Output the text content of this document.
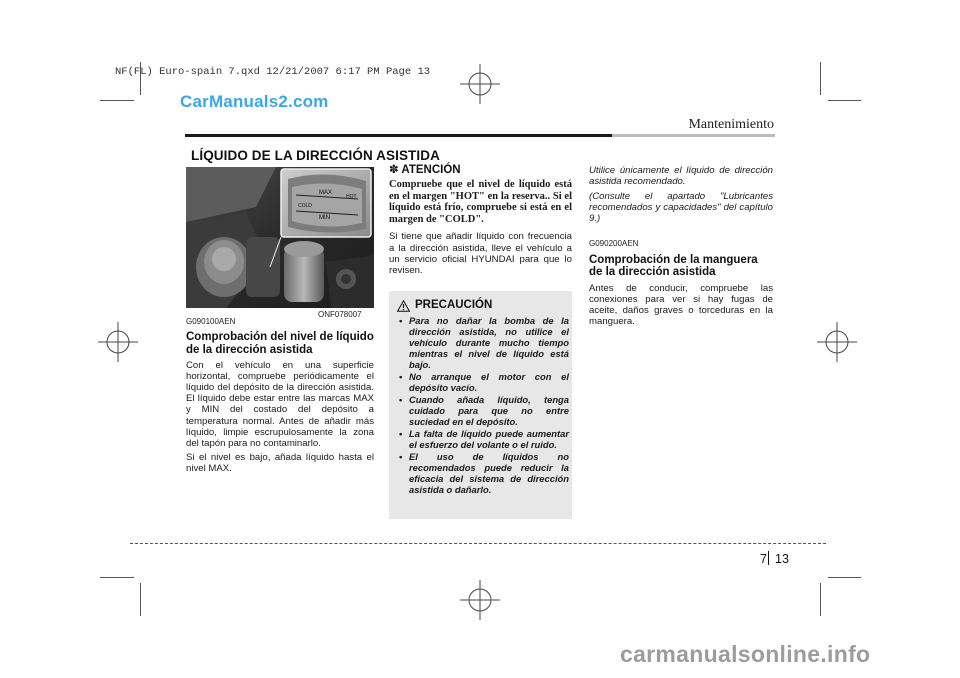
NF(FL) Euro-spain 7.qxd 12/21/2007 6:17 PM Page 13
CarManuals2.com
Mantenimiento
LÍQUIDO DE LA DIRECCIÓN ASISTIDA
MAX
MIN
HOT
COLD
ONF078007
G090100AEN
Comprobación del nivel de líquido de la dirección asistida

Con el vehículo en una superficie horizontal, compruebe periódicamente el líquido del depósito de la dirección asistida. El líquido debe estar entre las marcas MAX y MIN del costado del depósito a temperatura normal. Antes de añadir más líquido, limpie escrupulosamente la zona del tapón para no contaminarlo.

Si el nivel es bajo, añada líquido hasta el nivel MAX.

✽ ATENCIÓN
Compruebe que el nivel de líquido está en el margen "HOT" en la reserva.. Si el líquido está frío, compruebe si está en el margen de "COLD".
Si tiene que añadir líquido con frecuencia a la dirección asistida, lleve el vehículo a un servicio oficial HYUNDAI para que lo revisen.
PRECAUCIÓN
• Para no dañar la bomba de la dirección asistida, no utilice el vehículo durante mucho tiempo mientras el nivel de líquido está bajo.
• No arranque el motor con el depósito vacío.
• Cuando añada líquido, tenga cuidado para que no entre suciedad en el depósito.
• La falta de líquido puede aumentar el esfuerzo del volante o el ruido.
• El uso de líquidos no recomendados puede reducir la eficacia del sistema de dirección asistida o dañarlo.
Utilice únicamente el líquido de dirección asistida recomendado.
(Consulte el apartado "Lubricantes recomendados y capacidades" del capítulo 9.)
G090200AEN
Comprobación de la manguera de la dirección asistida
Antes de conducir, compruebe las conexiones para ver si hay fugas de aceite, daños graves o torceduras en la manguera.
7 13
carmanualsonline.info
